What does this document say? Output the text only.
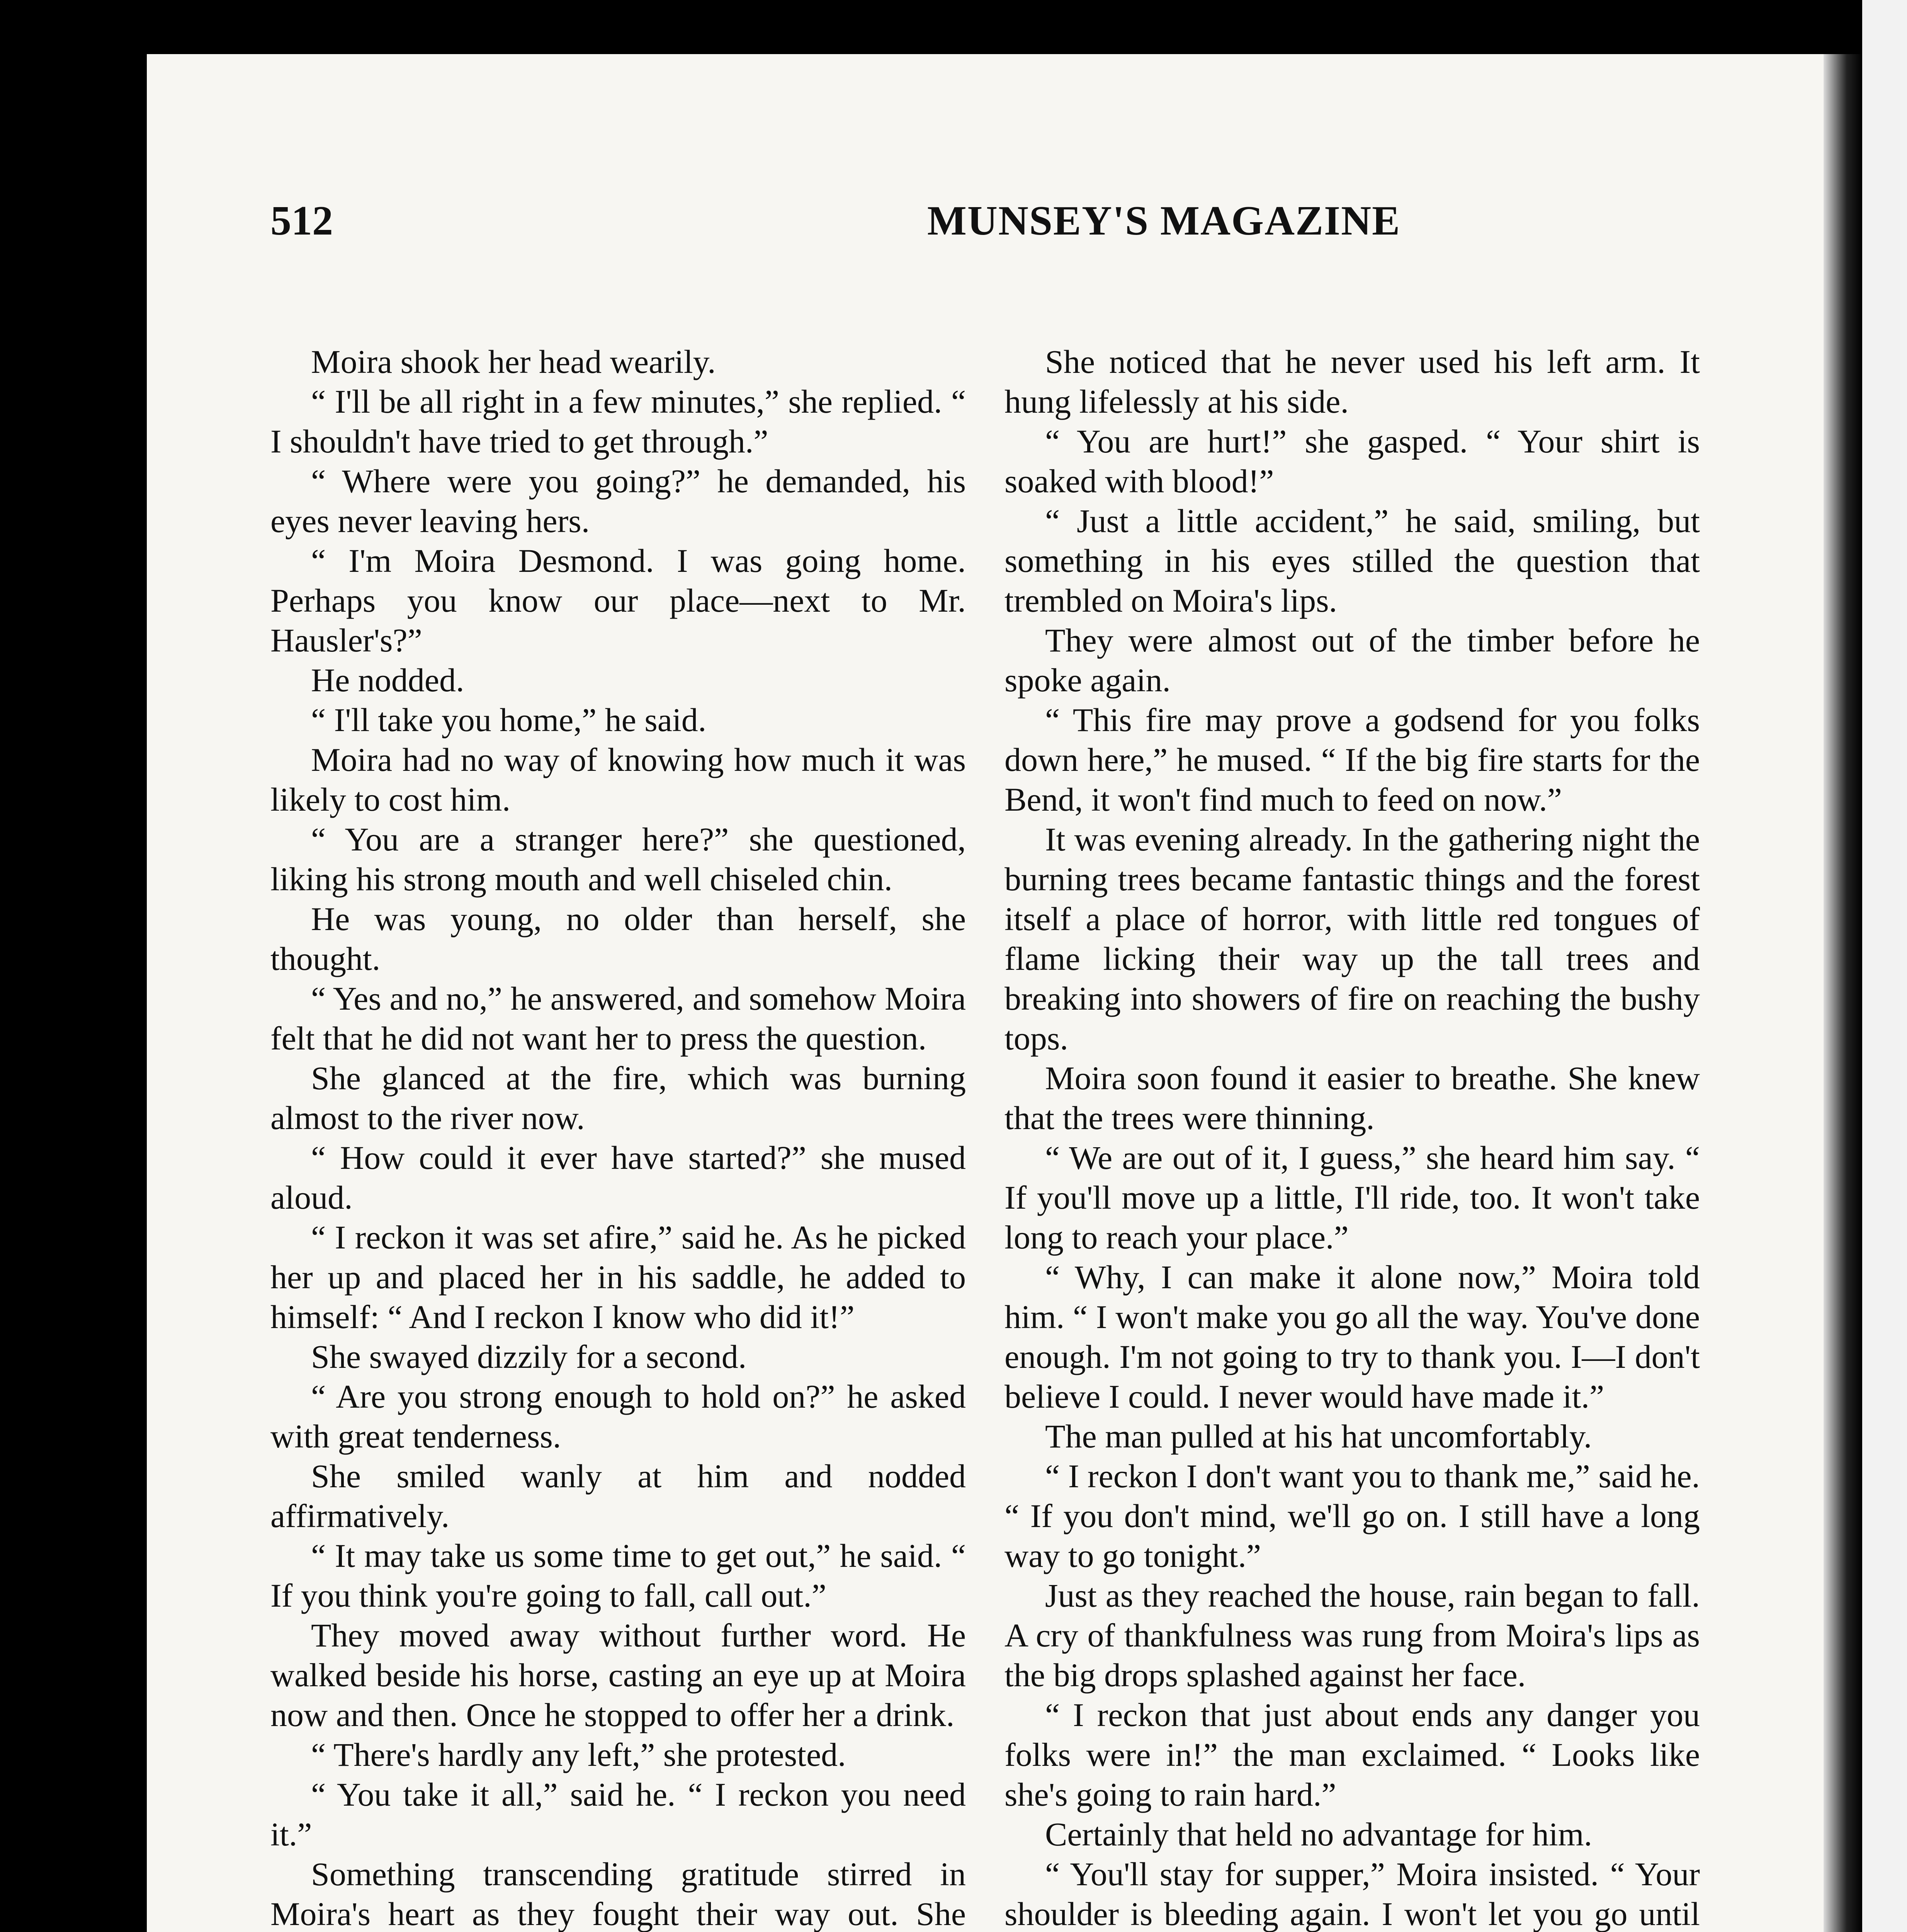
512	MUNSEY'S MAGAZINE

Moira shook her head wearily.

“ I'll be all right in a few minutes,” she replied. “ I shouldn't have tried to get through.”

“ Where were you going?” he demanded, his eyes never leaving hers.

“ I'm Moira Desmond. I was going home. Perhaps you know our place—next to Mr. Hausler's?”

He nodded.

“ I'll take you home,” he said.

Moira had no way of knowing how much it was likely to cost him.

“ You are a stranger here?” she questioned, liking his strong mouth and well chiseled chin.

He was young, no older than herself, she thought.

“ Yes and no,” he answered, and somehow Moira felt that he did not want her to press the question.

She glanced at the fire, which was burning almost to the river now.

“ How could it ever have started?” she mused aloud.

“ I reckon it was set afire,” said he. As he picked her up and placed her in his saddle, he added to himself: “ And I reckon I know who did it!”

She swayed dizzily for a second.

“ Are you strong enough to hold on?” he asked with great tenderness.

She smiled wanly at him and nodded affirmatively.

“ It may take us some time to get out,” he said. “ If you think you're going to fall, call out.”

They moved away without further word. He walked beside his horse, casting an eye up at Moira now and then. Once he stopped to offer her a drink.

“ There's hardly any left,” she protested.

“ You take it all,” said he. “ I reckon you need it.”

Something transcending gratitude stirred in Moira's heart as they fought their way out. She

She noticed that he never used his left arm. It hung lifelessly at his side.

“ You are hurt!” she gasped. “ Your shirt is soaked with blood!”

“ Just a little accident,” he said, smiling, but something in his eyes stilled the question that trembled on Moira's lips.

They were almost out of the timber before he spoke again.

“ This fire may prove a godsend for you folks down here,” he mused. “ If the big fire starts for the Bend, it won't find much to feed on now.”

It was evening already. In the gathering night the burning trees became fantastic things and the forest itself a place of horror, with little red tongues of flame licking their way up the tall trees and breaking into showers of fire on reaching the bushy tops.

Moira soon found it easier to breathe. She knew that the trees were thinning.

“ We are out of it, I guess,” she heard him say. “ If you'll move up a little, I'll ride, too. It won't take long to reach your place.”

“ Why, I can make it alone now,” Moira told him. “ I won't make you go all the way. You've done enough. I'm not going to try to thank you. I—I don't believe I could. I never would have made it.”

The man pulled at his hat uncomfortably.

“ I reckon I don't want you to thank me,” said he. “ If you don't mind, we'll go on. I still have a long way to go tonight.”

Just as they reached the house, rain began to fall. A cry of thankfulness was rung from Moira's lips as the big drops splashed against her face.

“ I reckon that just about ends any danger you folks were in!” the man exclaimed. “ Looks like she's going to rain hard.”

Certainly that held no advantage for him.

“ You'll stay for supper,” Moira insisted. “ Your shoulder is bleeding again. I won't let you go until
